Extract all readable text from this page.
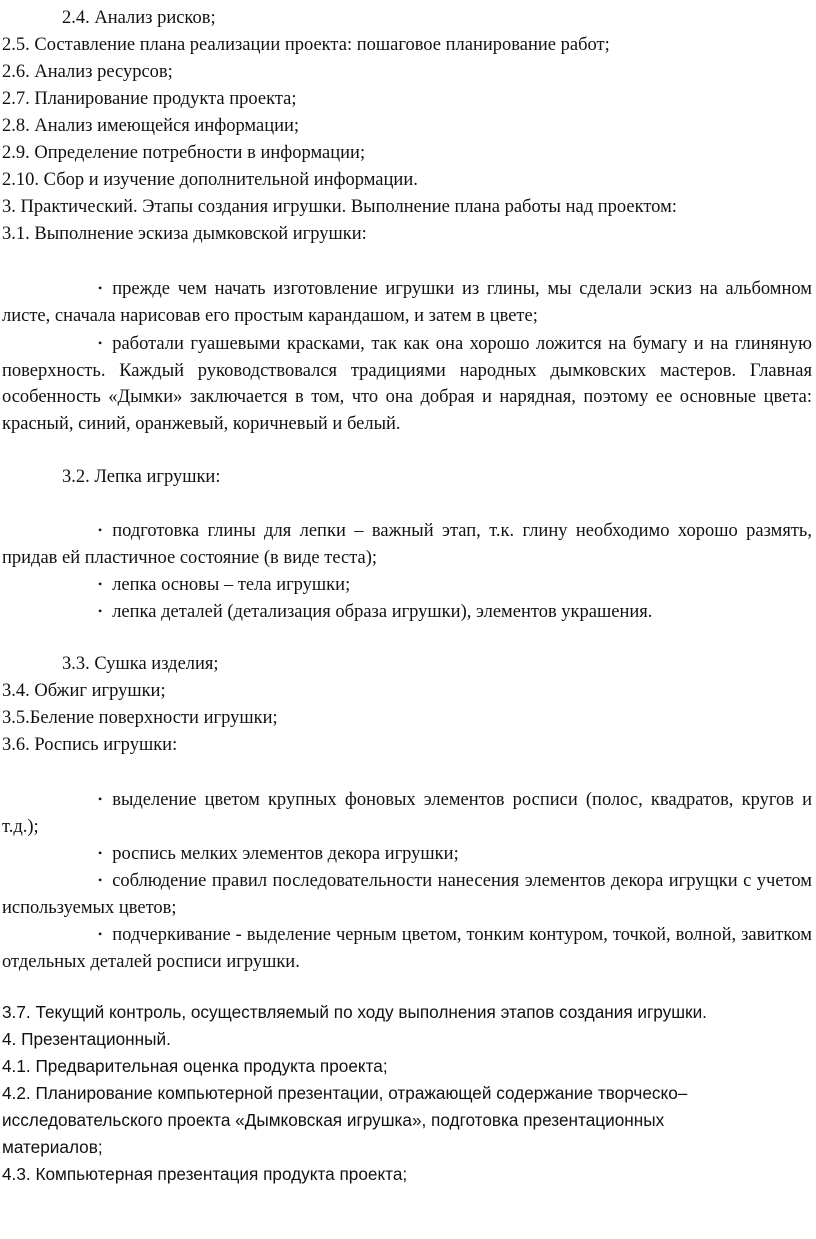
2.4. Анализ рисков;
2.5. Составление плана реализации проекта: пошаговое планирование работ;
2.6. Анализ ресурсов;
2.7. Планирование продукта проекта;
2.8. Анализ имеющейся информации;
2.9. Определение потребности в информации;
2.10. Сбор и изучение дополнительной информации.
3. Практический. Этапы создания игрушки. Выполнение плана работы над проектом:
3.1. Выполнение эскиза дымковской игрушки:
• прежде чем начать изготовление игрушки из глины, мы сделали эскиз на альбомном листе, сначала нарисовав его простым карандашом, и затем в цвете;
• работали гуашевыми красками, так как она хорошо ложится на бумагу и на глиняную поверхность. Каждый руководствовался традициями народных дымковских мастеров. Главная особенность «Дымки» заключается в том, что она добрая и нарядная, поэтому ее основные цвета: красный, синий, оранжевый, коричневый и белый.
3.2. Лепка игрушки:
• подготовка глины для лепки – важный этап, т.к. глину необходимо хорошо размять, придав ей пластичное состояние (в виде теста);
• лепка основы – тела игрушки;
• лепка деталей (детализация образа игрушки), элементов украшения.
3.3. Сушка изделия;
3.4. Обжиг игрушки;
3.5.Беление поверхности игрушки;
3.6. Роспись игрушки:
• выделение цветом крупных фоновых элементов росписи (полос, квадратов, кругов и т.д.);
• роспись мелких элементов декора игрушки;
• соблюдение правил последовательности нанесения элементов декора игрущки с учетом используемых цветов;
• подчеркивание - выделение черным цветом, тонким контуром, точкой, волной, завитком отдельных деталей росписи игрушки.
3.7. Текущий контроль, осуществляемый по ходу выполнения этапов создания игрушки.
4. Презентационный.
4.1. Предварительная оценка продукта проекта;
4.2. Планирование компьютерной презентации, отражающей содержание творческо–
исследовательского проекта «Дымковская игрушка», подготовка презентационных
материалов;
4.3. Компьютерная презентация продукта проекта;
